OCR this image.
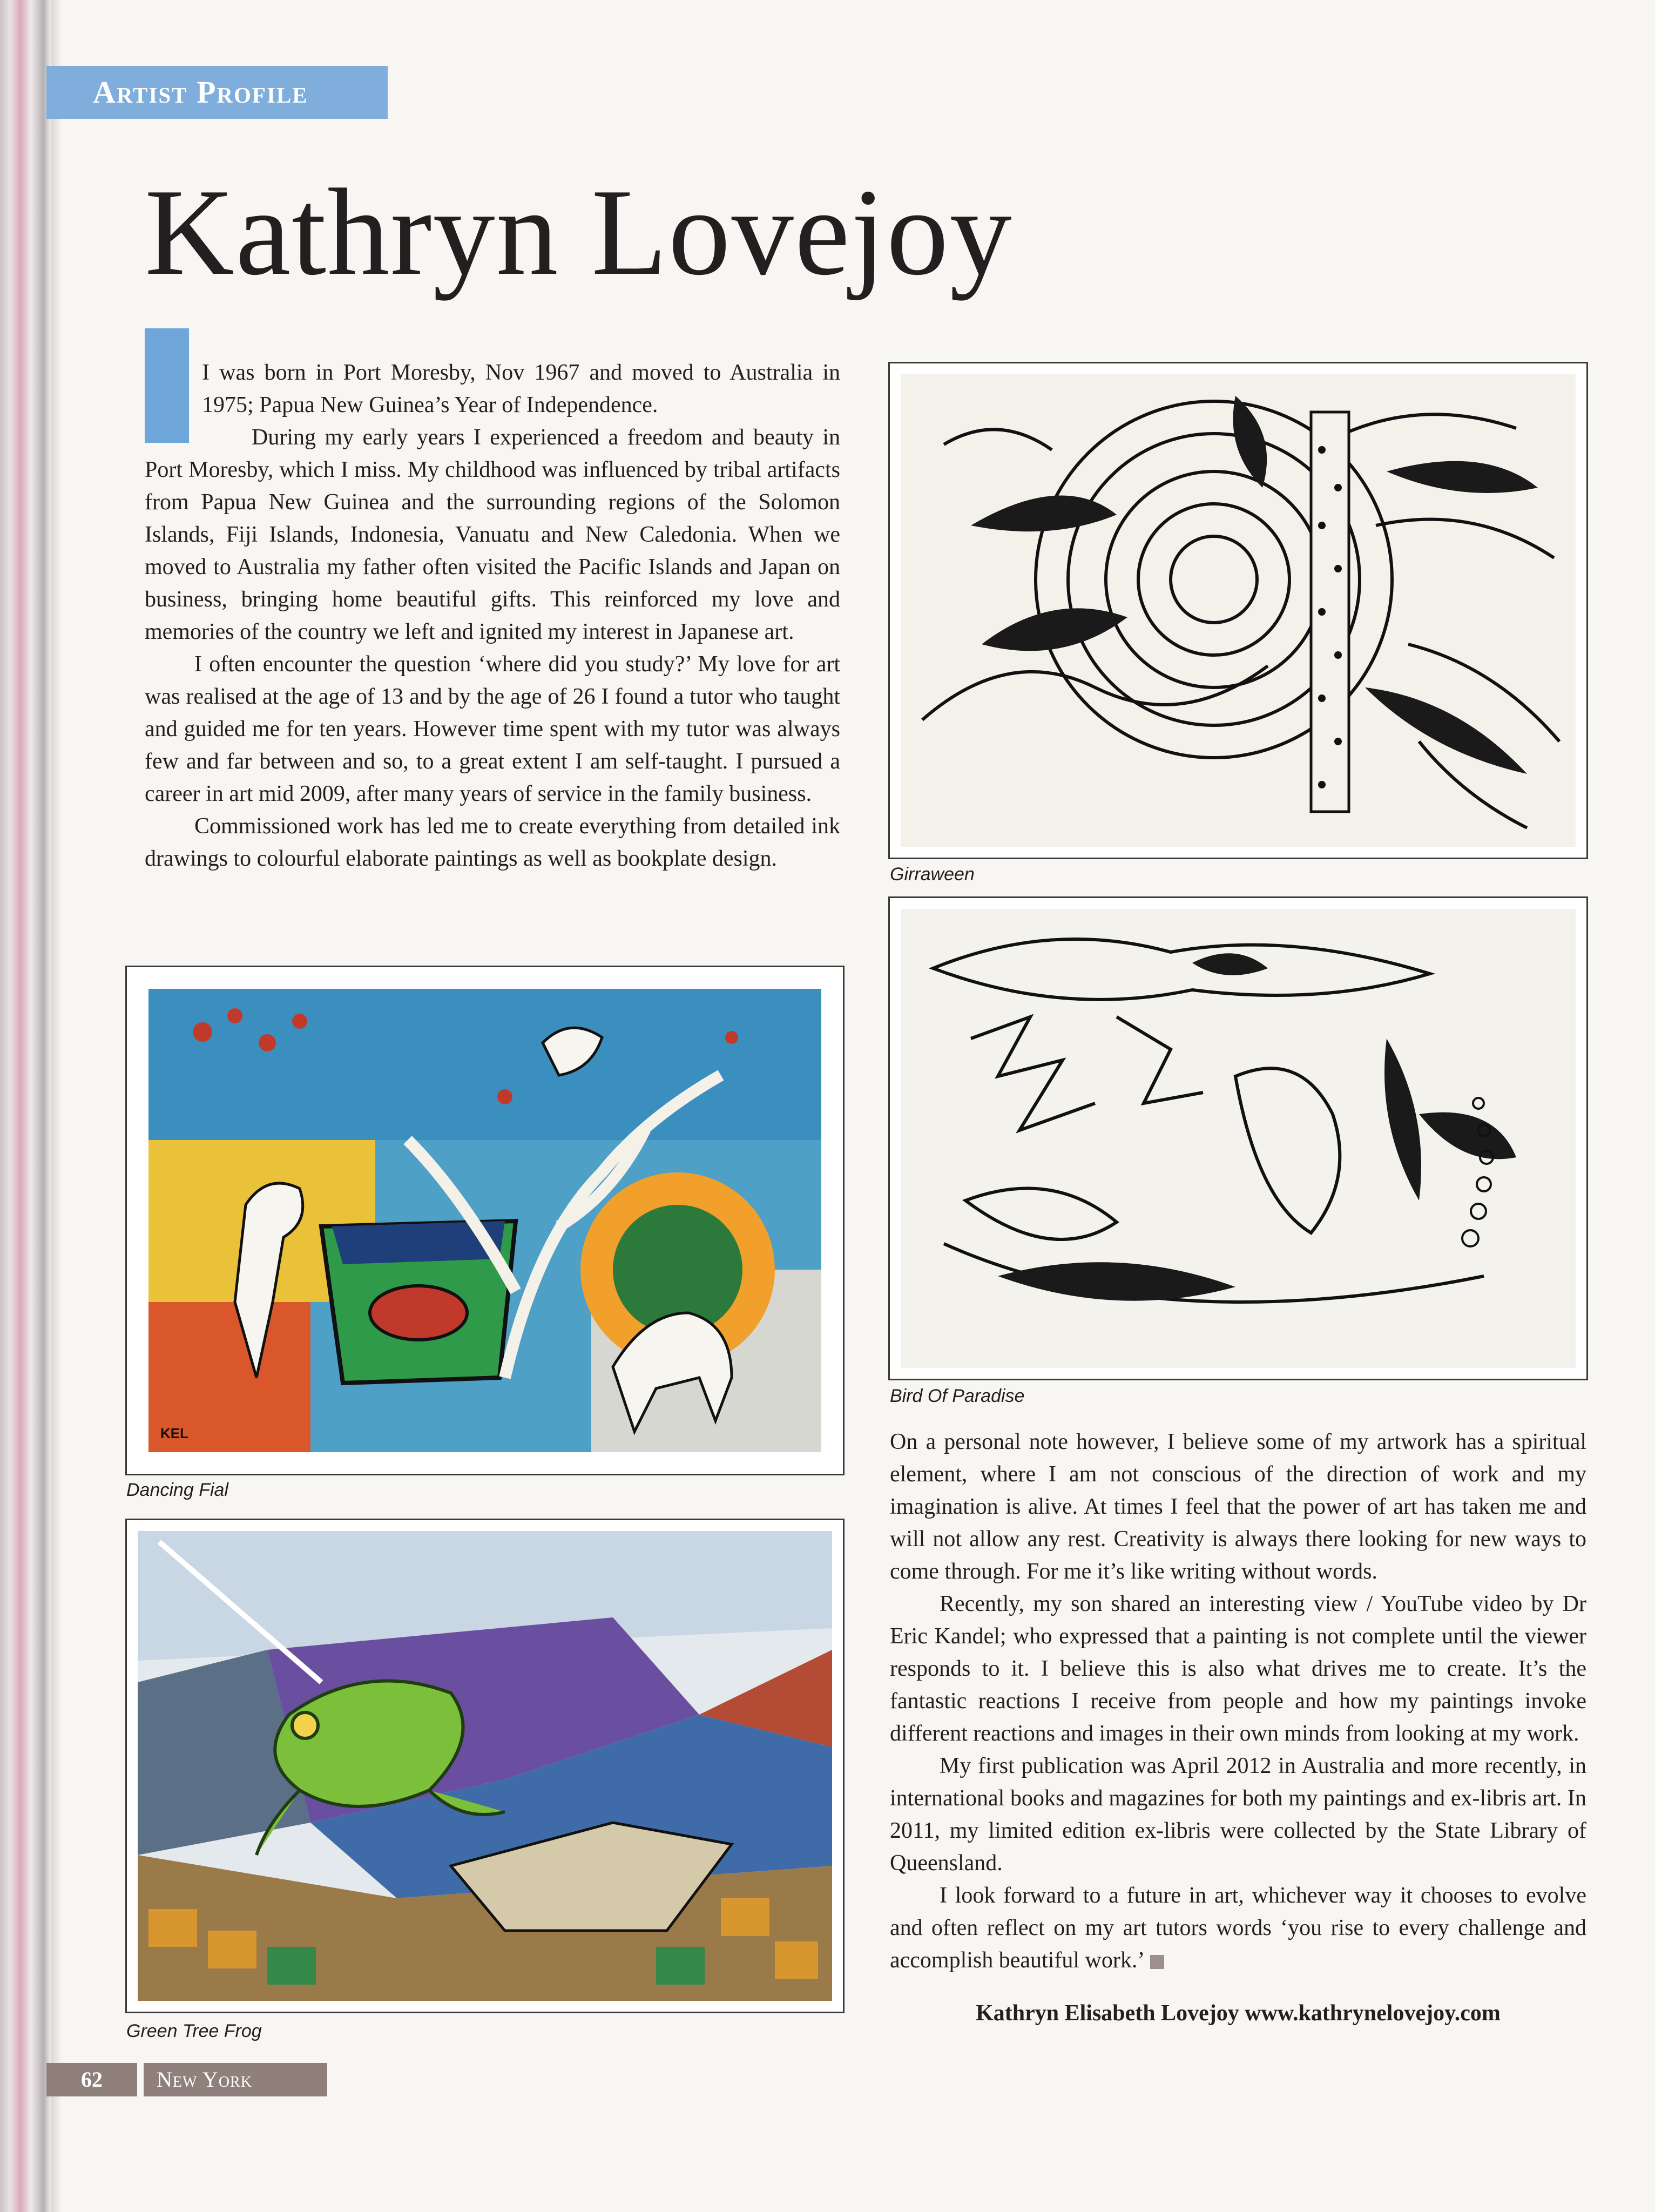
Artist Profile
Kathryn Lovejoy

I was born in Port Moresby, Nov 1967 and moved to Australia in 1975; Papua New Guinea’s Year of Independence.

During my early years I experienced a freedom and beauty in Port Moresby, which I miss. My childhood was influenced by tribal artifacts from Papua New Guinea and the surrounding regions of the Solomon Islands, Fiji Islands, Indonesia, Vanuatu and New Caledonia. When we moved to Australia my father often visited the Pacific Islands and Japan on business, bringing home beautiful gifts. This reinforced my love and memories of the country we left and ignited my interest in Japanese art.

I often encounter the question ‘where did you study?’ My love for art was realised at the age of 13 and by the age of 26 I found a tutor who taught and guided me for ten years. However time spent with my tutor was always few and far between and so, to a great extent I am self-taught. I pursued a career in art mid 2009, after many years of service in the family business.

Commissioned work has led me to create everything from detailed ink drawings to colourful elaborate paintings as well as bookplate design.

Girraween
Bird Of Paradise
KEL
Dancing Fial
Green Tree Frog

On a personal note however, I believe some of my artwork has a spiritual element, where I am not conscious of the direction of work and my imagination is alive. At times I feel that the power of art has taken me and will not allow any rest. Creativity is always there looking for new ways to come through. For me it’s like writing without words.

Recently, my son shared an interesting view / YouTube video by Dr Eric Kandel; who expressed that a painting is not complete until the viewer responds to it. I believe this is also what drives me to create. It’s the fantastic reactions I receive from people and how my paintings invoke different reactions and images in their own minds from looking at my work.

My first publication was April 2012 in Australia and more recently, in international books and magazines for both my paintings and ex-libris art. In 2011, my limited edition ex-libris were collected by the State Library of Queensland.

I look forward to a future in art, whichever way it chooses to evolve and often reflect on my art tutors words ‘you rise to every challenge and accomplish beautiful work.’

Kathryn Elisabeth Lovejoy www.kathrynelovejoy.com
62	New York
